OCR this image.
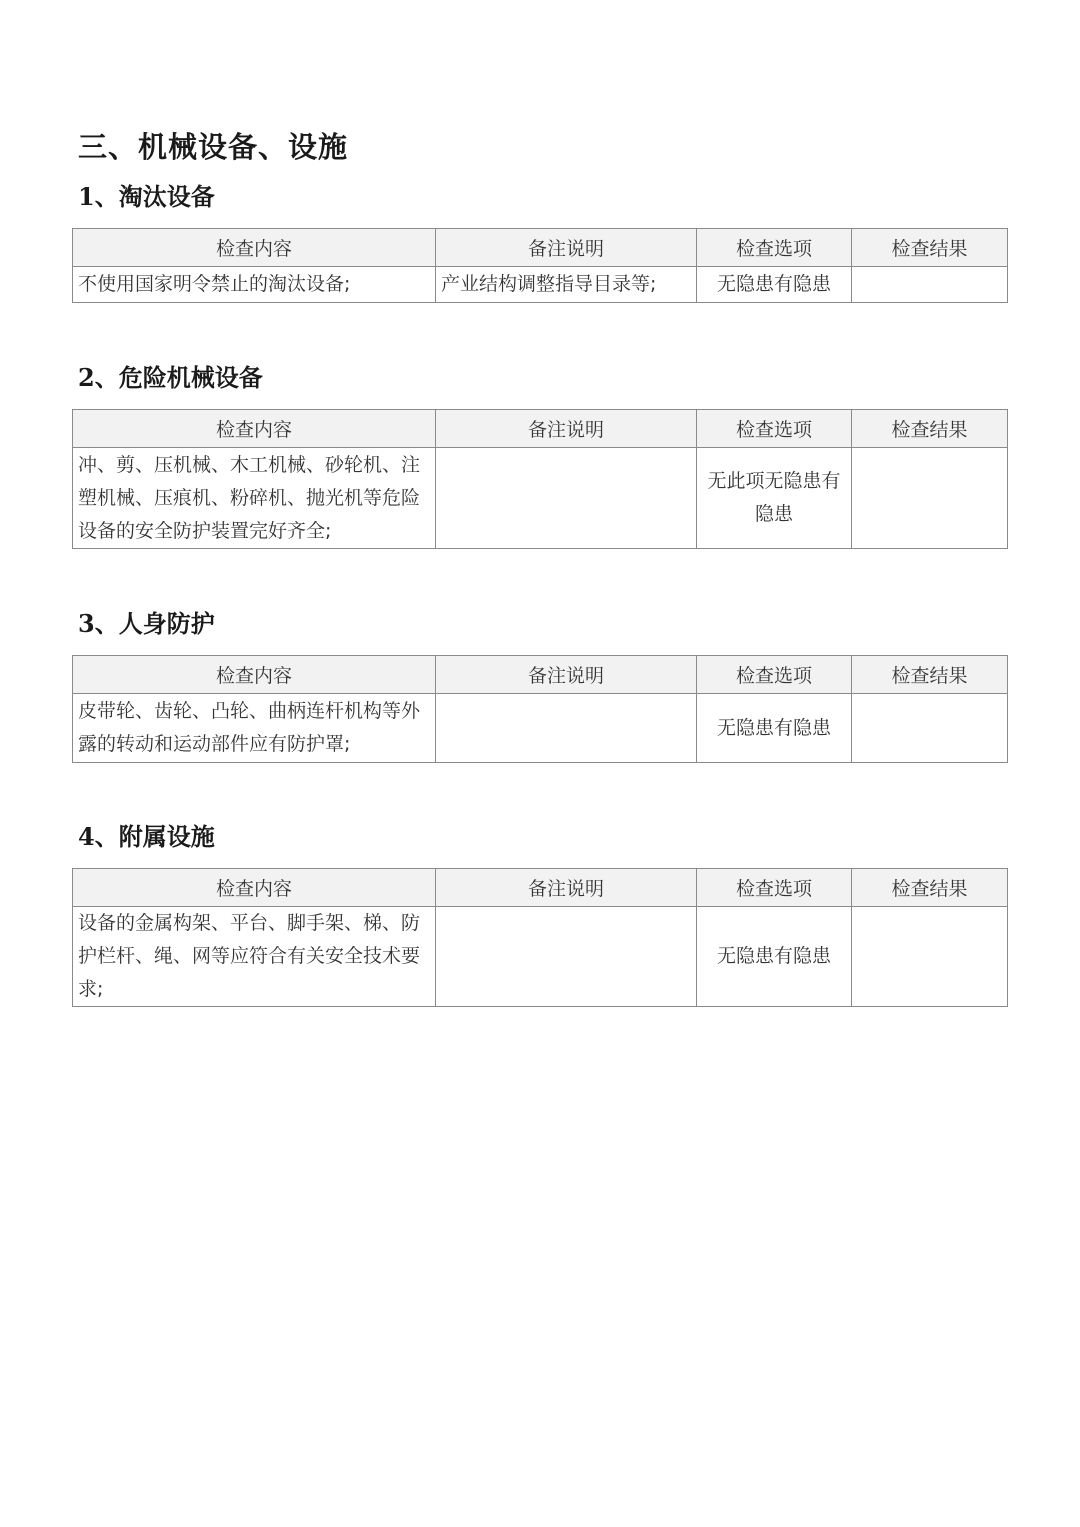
三、机械设备、设施
1、淘汰设备
检查内容	备注说明	检查选项	检查结果
不使用国家明令禁止的淘汰设备;	产业结构调整指导目录等;	无隐患有隐患	
2、危险机械设备
检查内容	备注说明	检查选项	检查结果
冲、剪、压机械、木工机械、砂轮机、注塑机械、压痕机、粉碎机、抛光机等危险设备的安全防护装置完好齐全;		无此项无隐患有隐患	
3、人身防护
检查内容	备注说明	检查选项	检查结果
皮带轮、齿轮、凸轮、曲柄连杆机构等外露的转动和运动部件应有防护罩;		无隐患有隐患	
4、附属设施
检查内容	备注说明	检查选项	检查结果
设备的金属构架、平台、脚手架、梯、防护栏杆、绳、网等应符合有关安全技术要求;		无隐患有隐患	
